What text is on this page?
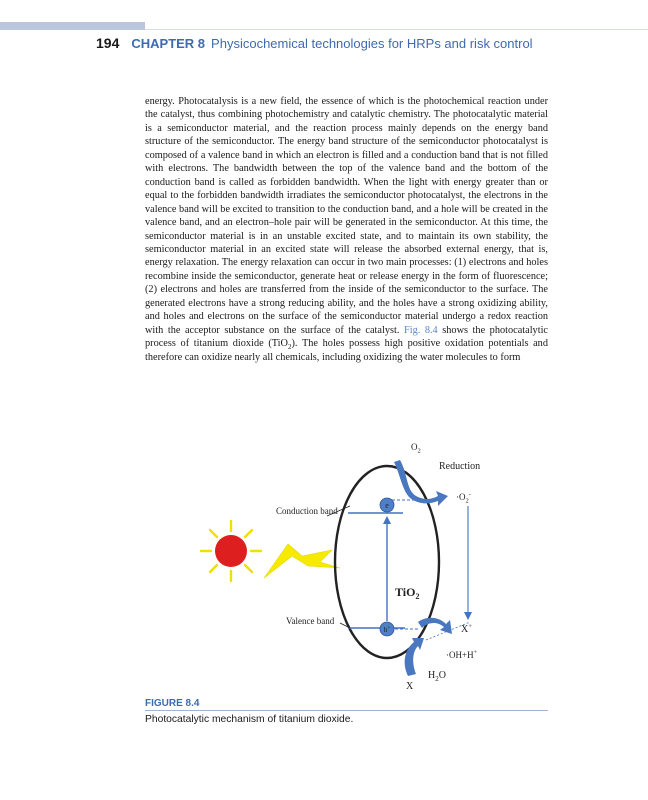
194 CHAPTER 8 Physicochemical technologies for HRPs and risk control
energy. Photocatalysis is a new field, the essence of which is the photochemical reaction under the catalyst, thus combining photochemistry and catalytic chemistry. The photocatalytic material is a semiconductor material, and the reaction process mainly depends on the energy band structure of the semiconductor. The energy band structure of the semiconductor photocatalyst is composed of a valence band in which an electron is filled and a conduction band that is not filled with electrons. The bandwidth between the top of the valence band and the bottom of the conduction band is called as forbidden bandwidth. When the light with energy greater than or equal to the forbidden bandwidth irradiates the semiconductor photocatalyst, the electrons in the valence band will be excited to transition to the conduction band, and a hole will be created in the valence band, and an electron–hole pair will be generated in the semiconductor. At this time, the semiconductor material is in an unstable excited state, and to maintain its own stability, the semiconductor material in an excited state will release the absorbed external energy, that is, energy relaxation. The energy relaxation can occur in two main processes: (1) electrons and holes recombine inside the semiconductor, generate heat or release energy in the form of fluorescence; (2) electrons and holes are transferred from the inside of the semiconductor to the surface. The generated electrons have a strong reducing ability, and the holes have a strong oxidizing ability, and holes and electrons on the surface of the semiconductor material undergo a redox reaction with the acceptor substance on the surface of the catalyst. Fig. 8.4 shows the photocatalytic process of titanium dioxide (TiO$_2$). The holes possess high positive oxidation potentials and therefore can oxidize nearly all chemicals, including oxidizing the water molecules to form
Conduction band
Valence band
e
h+
TiO$_2$
$O_2$
Reduction
$\cdot O_2^-$
X+
·OH+H+
$H_2O$
X
FIGURE 8.4
Photocatalytic mechanism of titanium dioxide.
